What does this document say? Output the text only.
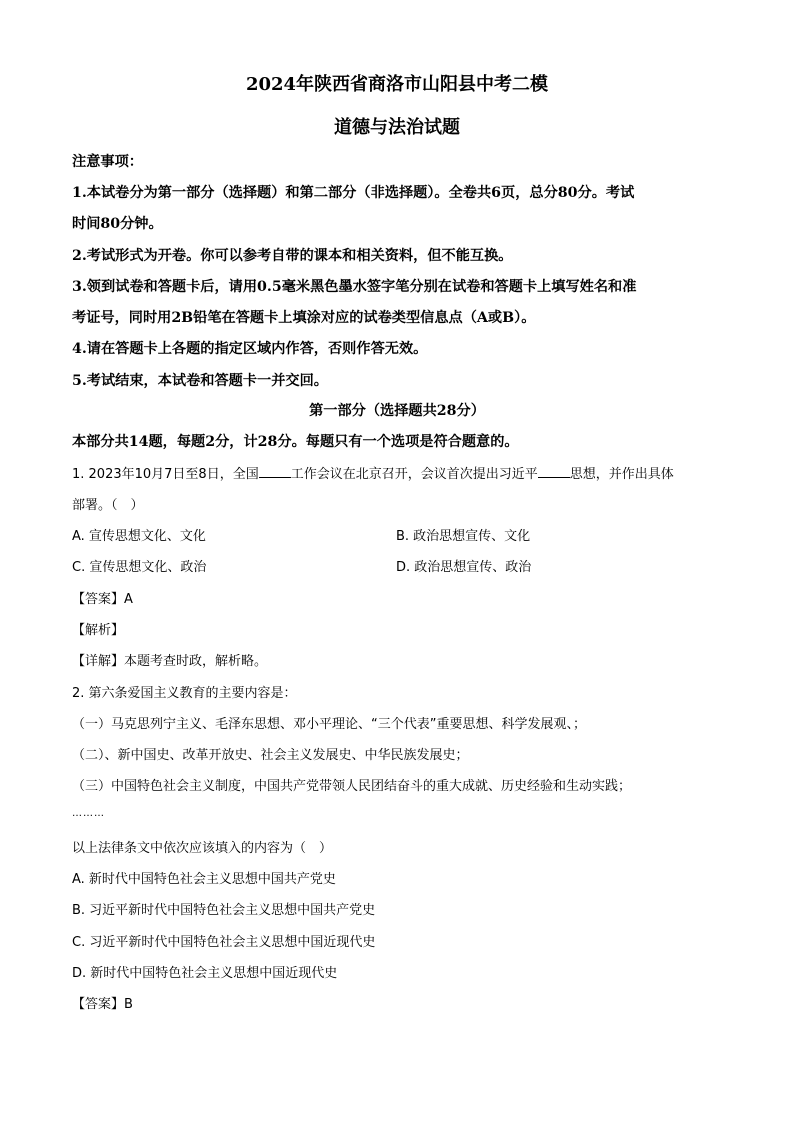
2024年陕西省商洛市山阳县中考二模
道德与法治试题
注意事项：
1.本试卷分为第一部分（选择题）和第二部分（非选择题）。全卷共6页，总分80分。考试
时间80分钟。
2.考试形式为开卷。你可以参考自带的课本和相关资料，但不能互换。
3.领到试卷和答题卡后，请用0.5毫米黑色墨水签字笔分别在试卷和答题卡上填写姓名和准
考证号，同时用2B铅笔在答题卡上填涂对应的试卷类型信息点（A或B）。
4.请在答题卡上各题的指定区域内作答，否则作答无效。
5.考试结束，本试卷和答题卡一并交回。
第一部分（选择题共28分）
本部分共14题，每题2分，计28分。每题只有一个选项是符合题意的。
1. 2023年10月7日至8日，全国 工作会议在北京召开，会议首次提出习近平 思想，并作出具体
部署。（　）
A. 宣传思想文化、文化	B. 政治思想宣传、文化
C. 宣传思想文化、政治	D. 政治思想宣传、政治
【答案】A
【解析】
【详解】本题考查时政，解析略。
2. 第六条爱国主义教育的主要内容是：
（一）马克思列宁主义、毛泽东思想、邓小平理论、“三个代表”重要思想、科学发展观、；
（二）、新中国史、改革开放史、社会主义发展史、中华民族发展史；
（三）中国特色社会主义制度，中国共产党带领人民团结奋斗的重大成就、历史经验和生动实践；
………
以上法律条文中依次应该填入的内容为（　）
A. 新时代中国特色社会主义思想中国共产党史
B. 习近平新时代中国特色社会主义思想中国共产党史
C. 习近平新时代中国特色社会主义思想中国近现代史
D. 新时代中国特色社会主义思想中国近现代史
【答案】B
